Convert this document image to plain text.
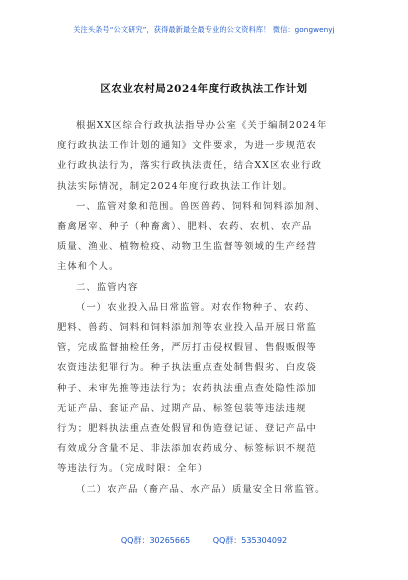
关注头条号“公文研究”，获得最新最全最专业的公文资料库！ 微信：gongwenyj
区农业农村局2024年度行政执法工作计划
根据XX区综合行政执法指导办公室《关于编制2024年
度行政执法工作计划的通知》文件要求，为进一步规范农
业行政执法行为，落实行政执法责任，结合XX区农业行政
执法实际情况，制定2024年度行政执法工作计划。
一、监管对象和范围。兽医兽药、饲料和饲料添加剂、
畜禽屠宰、种子（种畜禽）、肥料、农药、农机、农产品
质量、渔业、植物检疫、动物卫生监督等领域的生产经营
主体和个人。
二、监管内容
（一）农业投入品日常监管。对农作物种子、农药、
肥料、兽药、饲料和饲料添加剂等农业投入品开展日常监
管，完成监督抽检任务，严厉打击侵权假冒、售假贩假等
农资违法犯罪行为。种子执法重点查处制售假劣、白皮袋
种子、未审先推等违法行为；农药执法重点查处隐性添加
无证产品、套证产品、过期产品、标签包装等违法违规
行为；肥料执法重点查处假冒和伪造登记证、登记产品中
有效成分含量不足、非法添加农药成分、标签标识不规范
等违法行为。（完成时限：全年）
（二）农产品（畜产品、水产品）质量安全日常监管。
QQ群：30265665	QQ群：535304092
